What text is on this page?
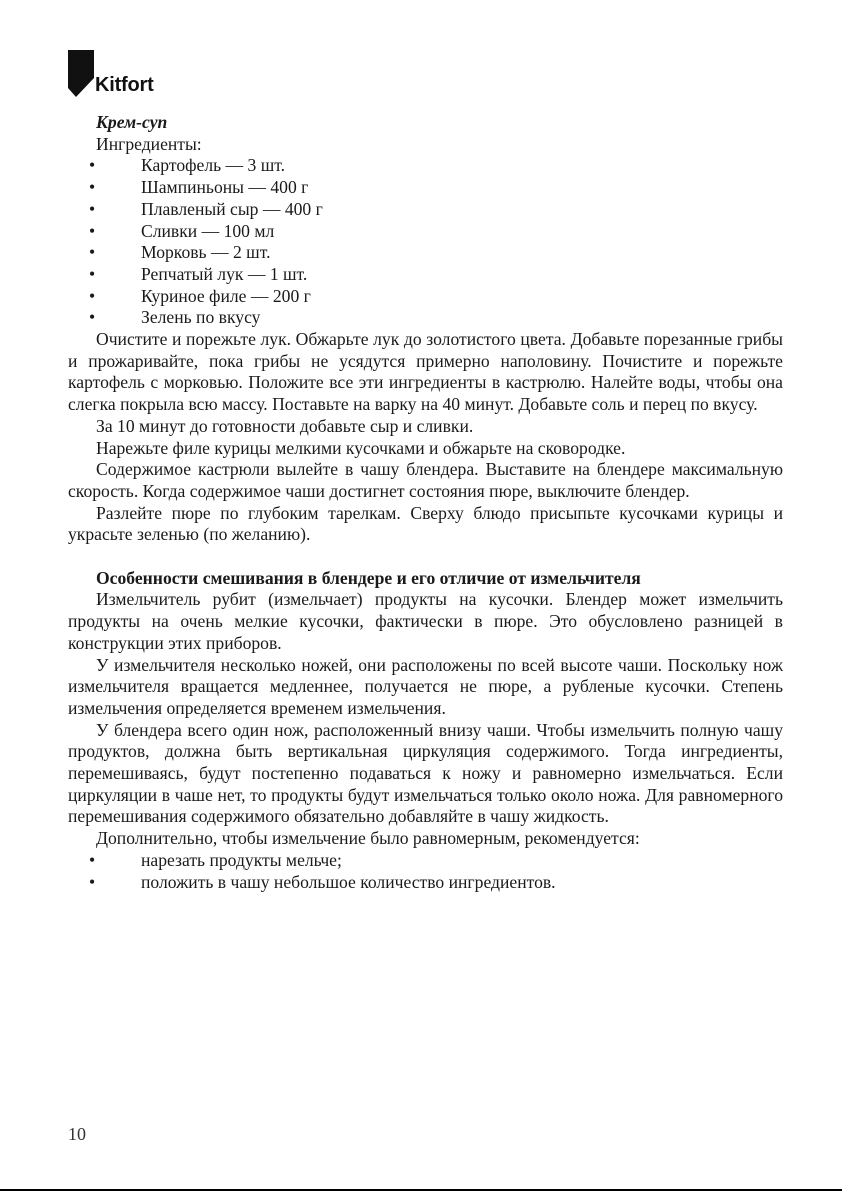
Kitfort
Крем-суп
Ингредиенты:
• Картофель — 3 шт.
• Шампиньоны — 400 г
• Плавленый сыр — 400 г
• Сливки — 100 мл
• Морковь — 2 шт.
• Репчатый лук — 1 шт.
• Куриное филе — 200 г
• Зелень по вкусу

Очистите и порежьте лук. Обжарьте лук до золотистого цвета. Добавьте порезанные грибы и прожаривайте, пока грибы не усядутся примерно наполовину. Почистите и порежьте картофель с морковью. Положите все эти ингредиенты в кастрюлю. Налейте воды, чтобы она слегка покрыла всю массу. Поставьте на варку на 40 минут. Добавьте соль и перец по вкусу.

За 10 минут до готовности добавьте сыр и сливки.

Нарежьте филе курицы мелкими кусочками и обжарьте на сковородке.

Содержимое кастрюли вылейте в чашу блендера. Выставите на блендере максимальную скорость. Когда содержимое чаши достигнет состояния пюре, выключите блендер.

Разлейте пюре по глубоким тарелкам. Сверху блюдо присыпьте кусочками курицы и украсьте зеленью (по желанию).

Особенности смешивания в блендере и его отличие от измельчителя

Измельчитель рубит (измельчает) продукты на кусочки. Блендер может измельчить продукты на очень мелкие кусочки, фактически в пюре. Это обусловлено разницей в конструкции этих приборов.

У измельчителя несколько ножей, они расположены по всей высоте чаши. Поскольку нож измельчителя вращается медленнее, получается не пюре, а рубленые кусочки. Степень измельчения определяется временем измельчения.

У блендера всего один нож, расположенный внизу чаши. Чтобы измельчить полную чашу продуктов, должна быть вертикальная циркуляция содержимого. Тогда ингредиенты, перемешиваясь, будут постепенно подаваться к ножу и равномерно измельчаться. Если циркуляции в чаше нет, то продукты будут измельчаться только около ножа. Для равномерного перемешивания содержимого обязательно добавляйте в чашу жидкость.

Дополнительно, чтобы измельчение было равномерным, рекомендуется:

• нарезать продукты мельче;
• положить в чашу небольшое количество ингредиентов.
10
